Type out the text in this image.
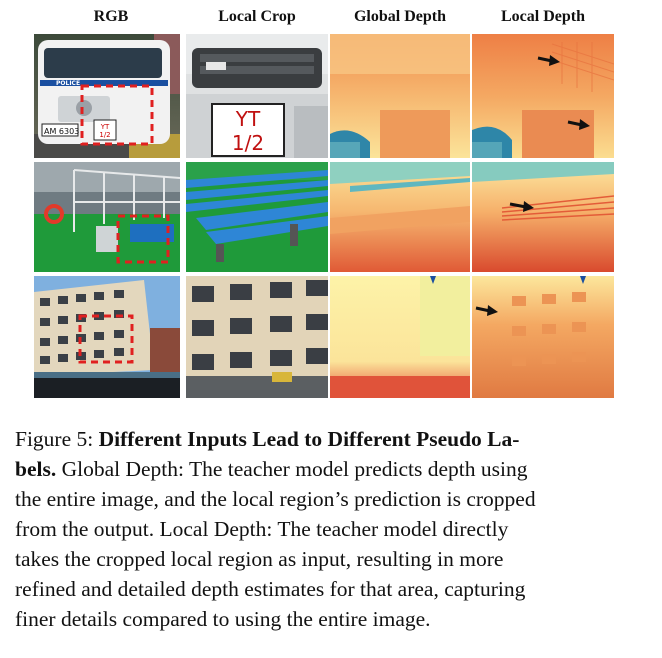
RGB	Local Crop	Global Depth	Local Depth
POLICE
AM 6303	YT
1/2
YT
1/2
Figure 5: Different Inputs Lead to Different Pseudo La-
bels. Global Depth: The teacher model predicts depth using
the entire image, and the local region’s prediction is cropped
from the output. Local Depth: The teacher model directly
takes the cropped local region as input, resulting in more
refined and detailed depth estimates for that area, capturing
finer details compared to using the entire image.
